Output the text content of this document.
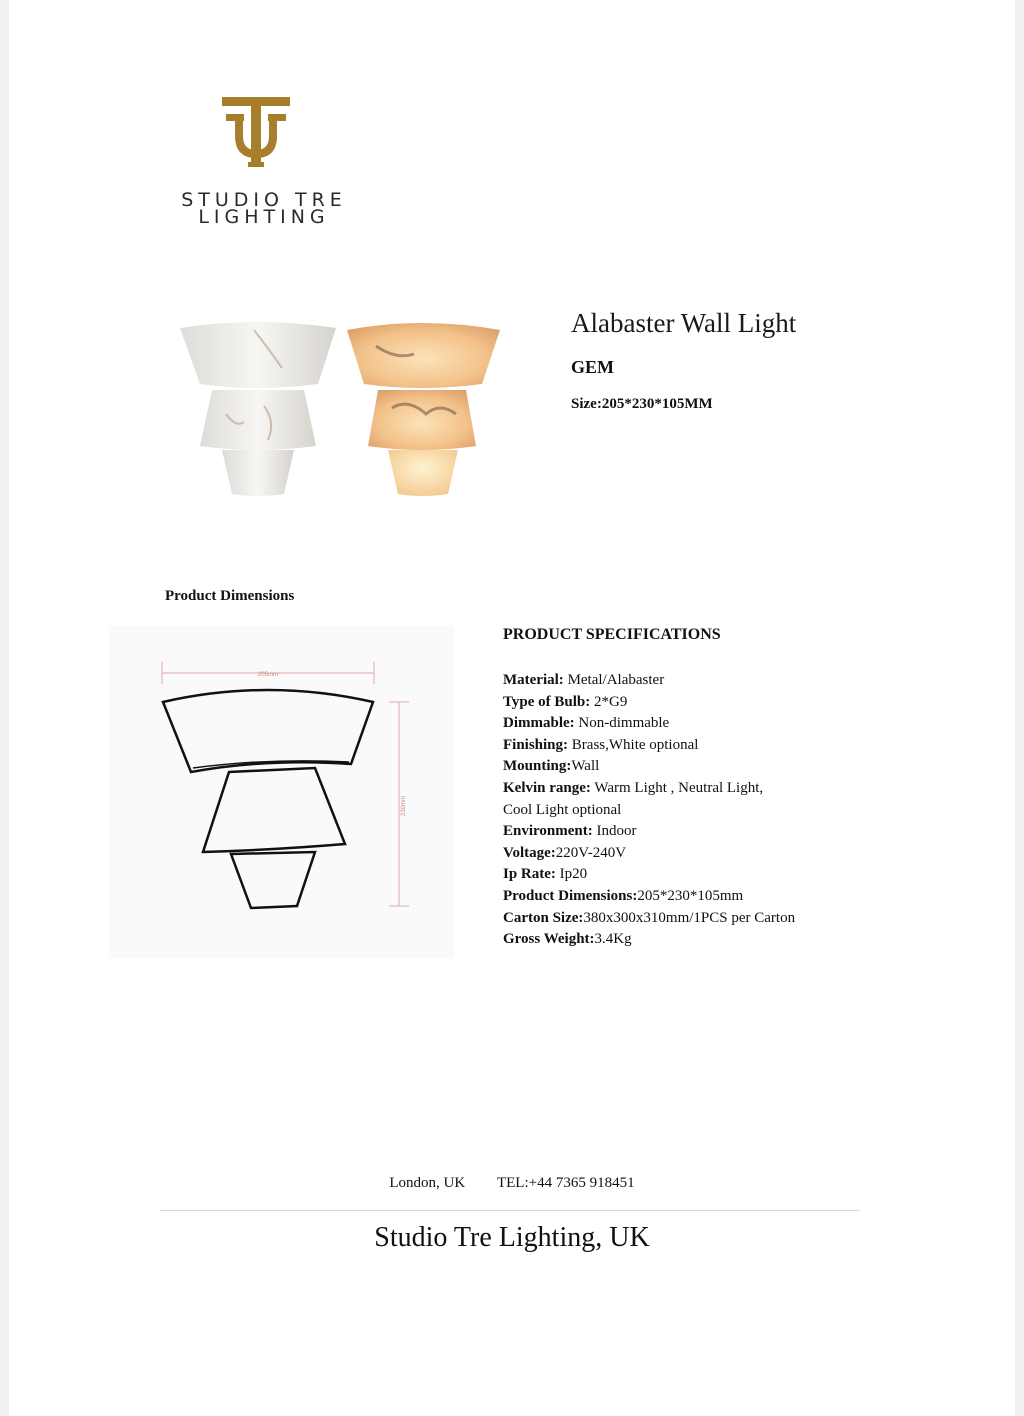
STUDIO TRE
LIGHTING
Alabaster Wall Light
GEM
Size:205*230*105MM
Product Dimensions
205mm
230mm
PRODUCT SPECIFICATIONS
Material: Metal/Alabaster
Type of Bulb: 2*G9
Dimmable: Non-dimmable
Finishing: Brass,White optional
Mounting:Wall
Kelvin range: Warm Light , Neutral Light,
Cool Light optional
Environment: Indoor
Voltage:220V-240V
Ip Rate: Ip20
Product Dimensions:205*230*105mm
Carton Size:380x300x310mm/1PCS per Carton
Gross Weight:3.4Kg
London, UK TEL:+44 7365 918451
Studio Tre Lighting, UK
